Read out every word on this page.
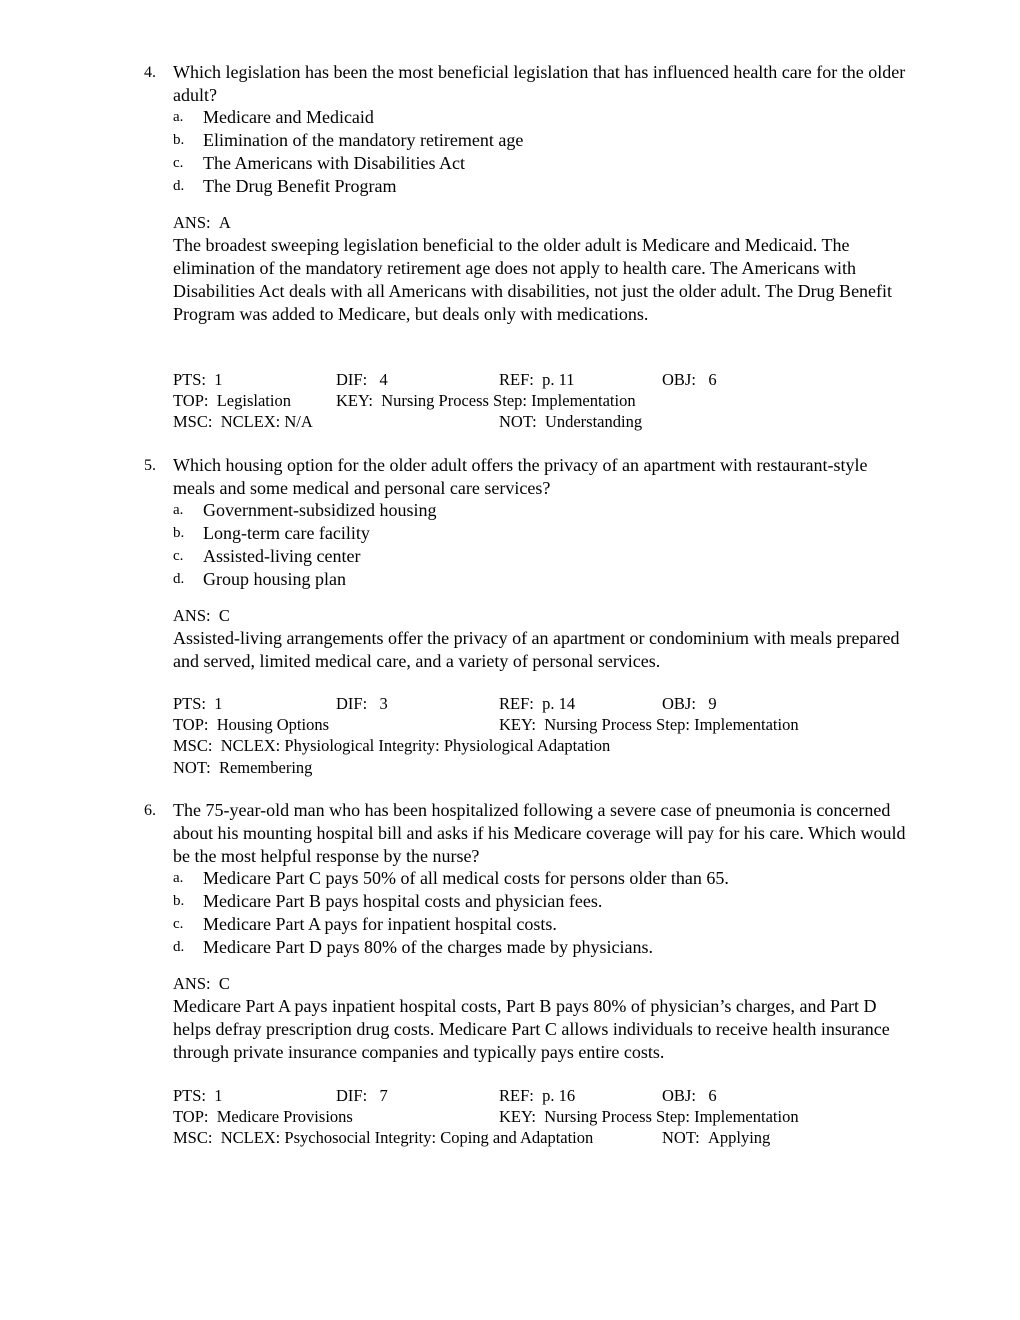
4. Which legislation has been the most beneficial legislation that has influenced health care for the older adult?
a. Medicare and Medicaid
b. Elimination of the mandatory retirement age
c. The Americans with Disabilities Act
d. The Drug Benefit Program
ANS: A
The broadest sweeping legislation beneficial to the older adult is Medicare and Medicaid. The elimination of the mandatory retirement age does not apply to health care. The Americans with Disabilities Act deals with all Americans with disabilities, not just the older adult. The Drug Benefit Program was added to Medicare, but deals only with medications.
PTS: 1	DIF: 4	REF: p. 11	OBJ: 6
TOP: Legislation	KEY: Nursing Process Step: Implementation
MSC: NCLEX: N/A	NOT: Understanding
5. Which housing option for the older adult offers the privacy of an apartment with restaurant-style meals and some medical and personal care services?
a. Government-subsidized housing
b. Long-term care facility
c. Assisted-living center
d. Group housing plan
ANS: C
Assisted-living arrangements offer the privacy of an apartment or condominium with meals prepared and served, limited medical care, and a variety of personal services.
PTS: 1	DIF: 3	REF: p. 14	OBJ: 9
TOP: Housing Options	KEY: Nursing Process Step: Implementation
MSC: NCLEX: Physiological Integrity: Physiological Adaptation
NOT: Remembering
6. The 75-year-old man who has been hospitalized following a severe case of pneumonia is concerned about his mounting hospital bill and asks if his Medicare coverage will pay for his care. Which would be the most helpful response by the nurse?
a. Medicare Part C pays 50% of all medical costs for persons older than 65.
b. Medicare Part B pays hospital costs and physician fees.
c. Medicare Part A pays for inpatient hospital costs.
d. Medicare Part D pays 80% of the charges made by physicians.
ANS: C
Medicare Part A pays inpatient hospital costs, Part B pays 80% of physician’s charges, and Part D helps defray prescription drug costs. Medicare Part C allows individuals to receive health insurance through private insurance companies and typically pays entire costs.
PTS: 1	DIF: 7	REF: p. 16	OBJ: 6
TOP: Medicare Provisions	KEY: Nursing Process Step: Implementation
MSC: NCLEX: Psychosocial Integrity: Coping and Adaptation	NOT: Applying
